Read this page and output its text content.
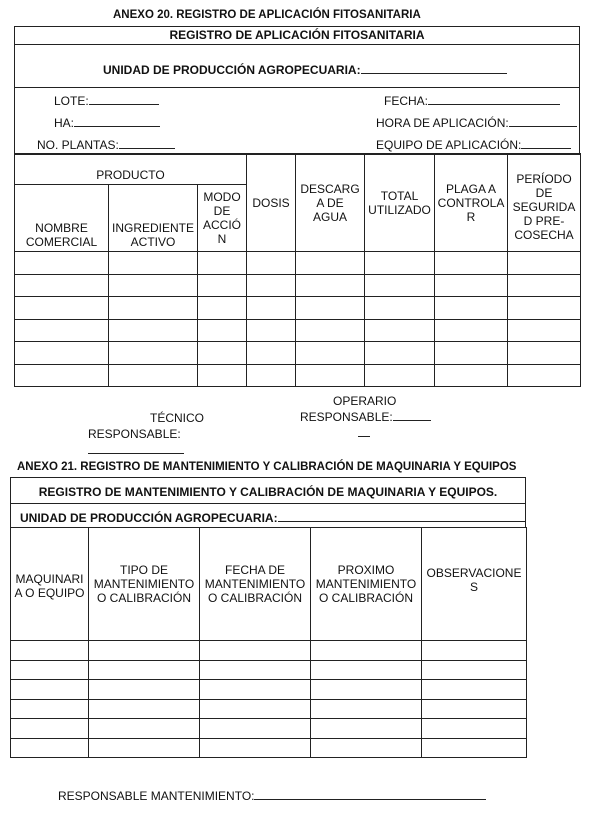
ANEXO 20. REGISTRO DE APLICACIÓN FITOSANITARIA
REGISTRO DE APLICACIÓN FITOSANITARIA
UNIDAD DE PRODUCCIÓN AGROPECUARIA:
LOTE:
HA:
NO. PLANTAS:
FECHA:
HORA DE APLICACIÓN:
EQUIPO DE APLICACIÓN:
PRODUCTO			DOSIS	DESCARG A DE AGUA	TOTAL UTILIZADO	PLAGA A CONTROLA R	PERÍODO DE SEGURIDA D PRE-COSECHA
NOMBRE COMERCIAL	INGREDIENTE ACTIVO	MODO DE ACCIÓ N					

TÉCNICO
RESPONSABLE:
OPERARIO
RESPONSABLE:
ANEXO 21. REGISTRO DE MANTENIMIENTO Y CALIBRACIÓN DE MAQUINARIA Y EQUIPOS
REGISTRO DE MANTENIMIENTO Y CALIBRACIÓN DE MAQUINARIA Y EQUIPOS.
UNIDAD DE PRODUCCIÓN AGROPECUARIA:
MAQUINARI A O EQUIPO	TIPO DE MANTENIMIENTO O CALIBRACIÓN	FECHA DE MANTENIMIENTO O CALIBRACIÓN	PROXIMO MANTENIMIENTO O CALIBRACIÓN	OBSERVACIONE S

RESPONSABLE MANTENIMIENTO:
